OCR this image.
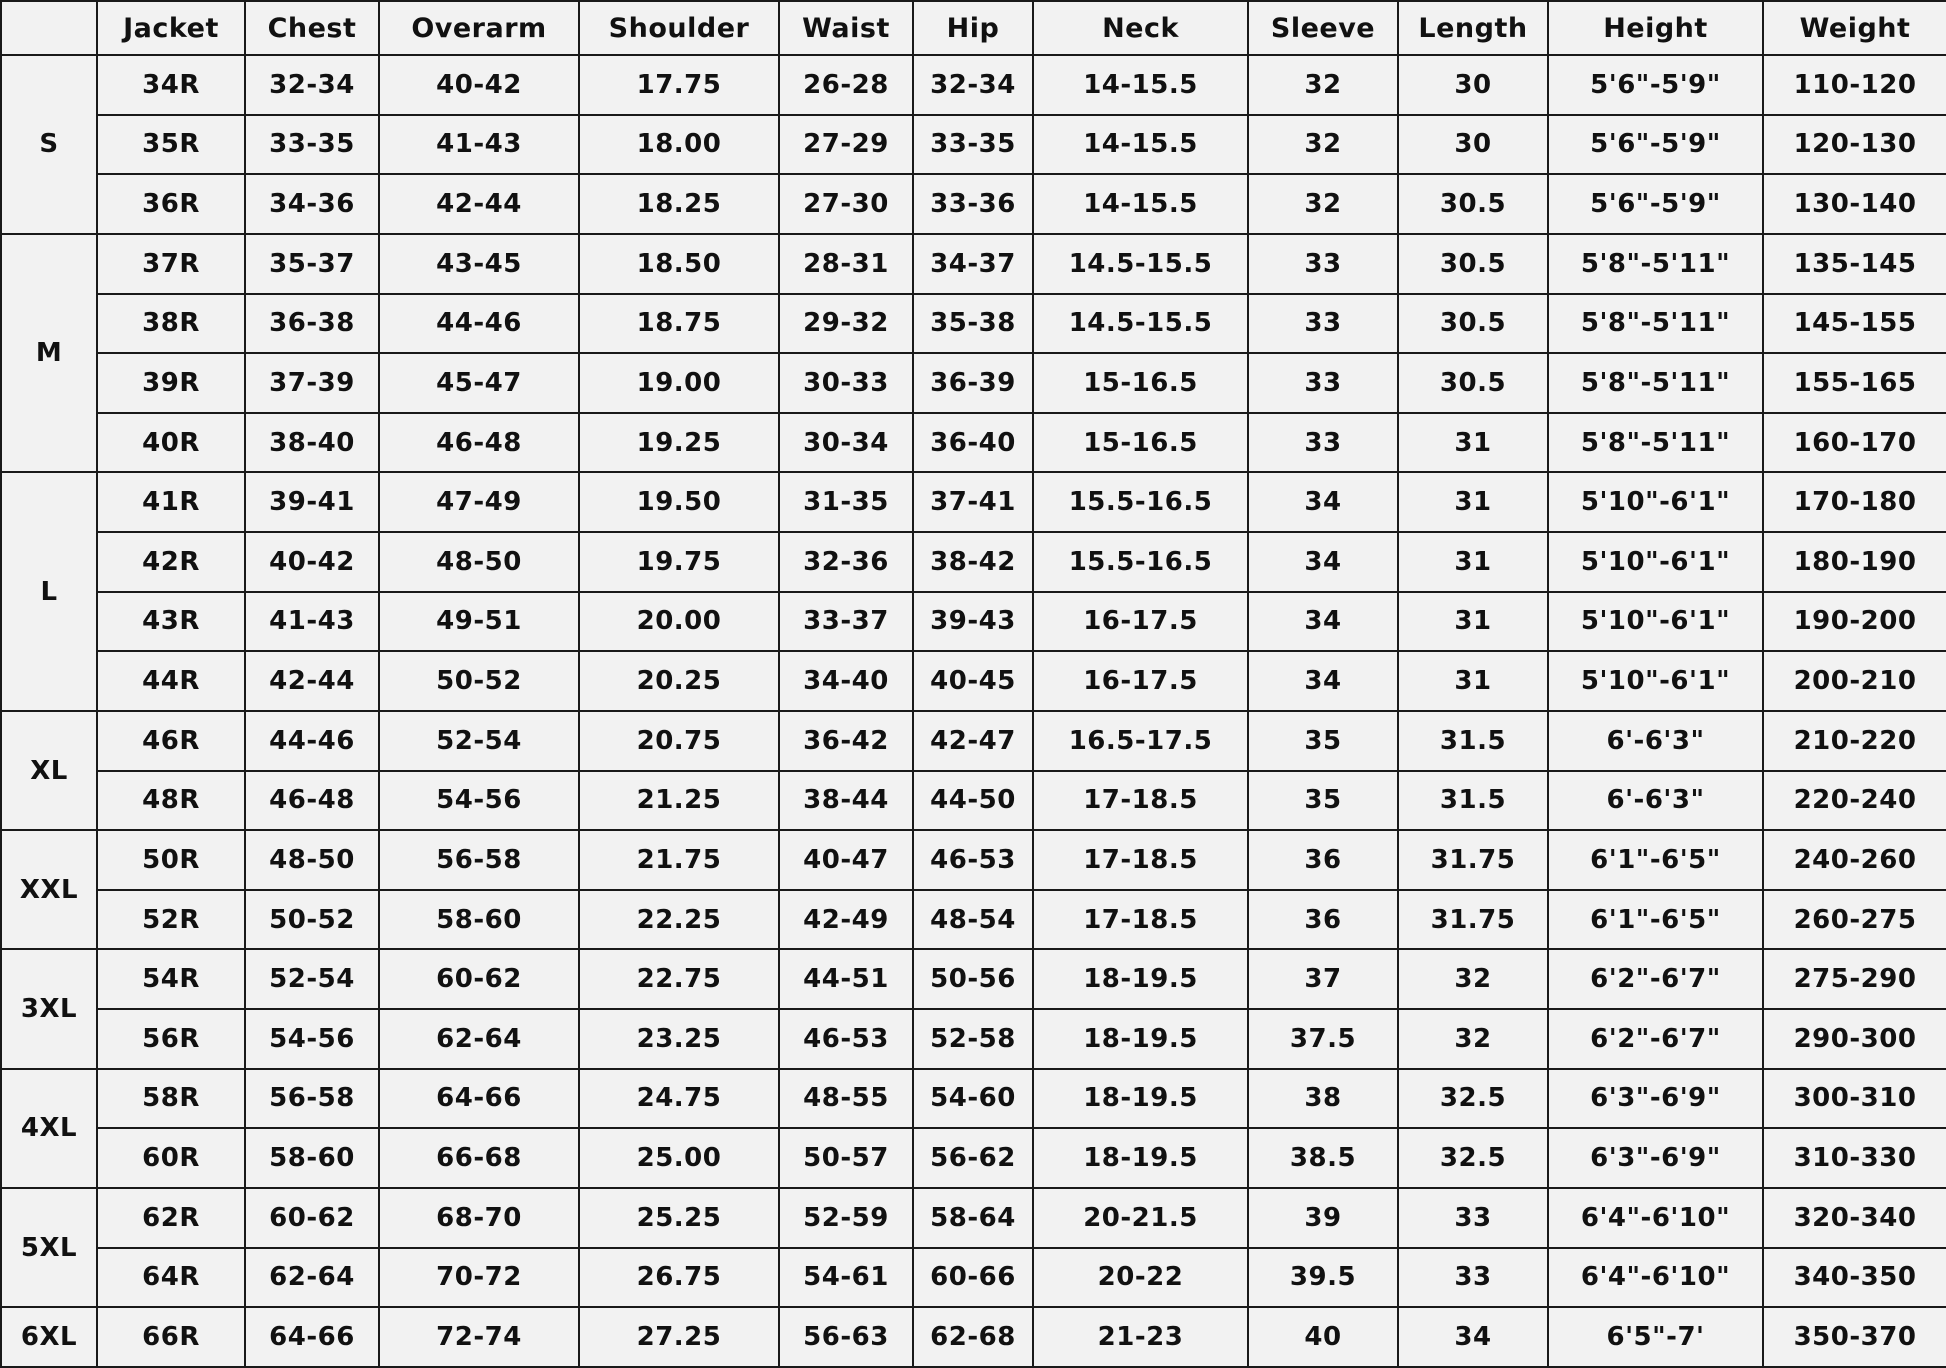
	Jacket	Chest	Overarm	Shoulder	Waist	Hip	Neck	Sleeve	Length	Height	Weight
S	34R	32-34	40-42	17.75	26-28	32-34	14-15.5	32	30	5'6"-5'9"	110-120
	35R	33-35	41-43	18.00	27-29	33-35	14-15.5	32	30	5'6"-5'9"	120-130
	36R	34-36	42-44	18.25	27-30	33-36	14-15.5	32	30.5	5'6"-5'9"	130-140
M	37R	35-37	43-45	18.50	28-31	34-37	14.5-15.5	33	30.5	5'8"-5'11"	135-145
	38R	36-38	44-46	18.75	29-32	35-38	14.5-15.5	33	30.5	5'8"-5'11"	145-155
	39R	37-39	45-47	19.00	30-33	36-39	15-16.5	33	30.5	5'8"-5'11"	155-165
	40R	38-40	46-48	19.25	30-34	36-40	15-16.5	33	31	5'8"-5'11"	160-170
L	41R	39-41	47-49	19.50	31-35	37-41	15.5-16.5	34	31	5'10"-6'1"	170-180
	42R	40-42	48-50	19.75	32-36	38-42	15.5-16.5	34	31	5'10"-6'1"	180-190
	43R	41-43	49-51	20.00	33-37	39-43	16-17.5	34	31	5'10"-6'1"	190-200
	44R	42-44	50-52	20.25	34-40	40-45	16-17.5	34	31	5'10"-6'1"	200-210
XL	46R	44-46	52-54	20.75	36-42	42-47	16.5-17.5	35	31.5	6'-6'3"	210-220
	48R	46-48	54-56	21.25	38-44	44-50	17-18.5	35	31.5	6'-6'3"	220-240
XXL	50R	48-50	56-58	21.75	40-47	46-53	17-18.5	36	31.75	6'1"-6'5"	240-260
	52R	50-52	58-60	22.25	42-49	48-54	17-18.5	36	31.75	6'1"-6'5"	260-275
3XL	54R	52-54	60-62	22.75	44-51	50-56	18-19.5	37	32	6'2"-6'7"	275-290
	56R	54-56	62-64	23.25	46-53	52-58	18-19.5	37.5	32	6'2"-6'7"	290-300
4XL	58R	56-58	64-66	24.75	48-55	54-60	18-19.5	38	32.5	6'3"-6'9"	300-310
	60R	58-60	66-68	25.00	50-57	56-62	18-19.5	38.5	32.5	6'3"-6'9"	310-330
5XL	62R	60-62	68-70	25.25	52-59	58-64	20-21.5	39	33	6'4"-6'10"	320-340
	64R	62-64	70-72	26.75	54-61	60-66	20-22	39.5	33	6'4"-6'10"	340-350
6XL	66R	64-66	72-74	27.25	56-63	62-68	21-23	40	34	6'5"-7'	350-370
